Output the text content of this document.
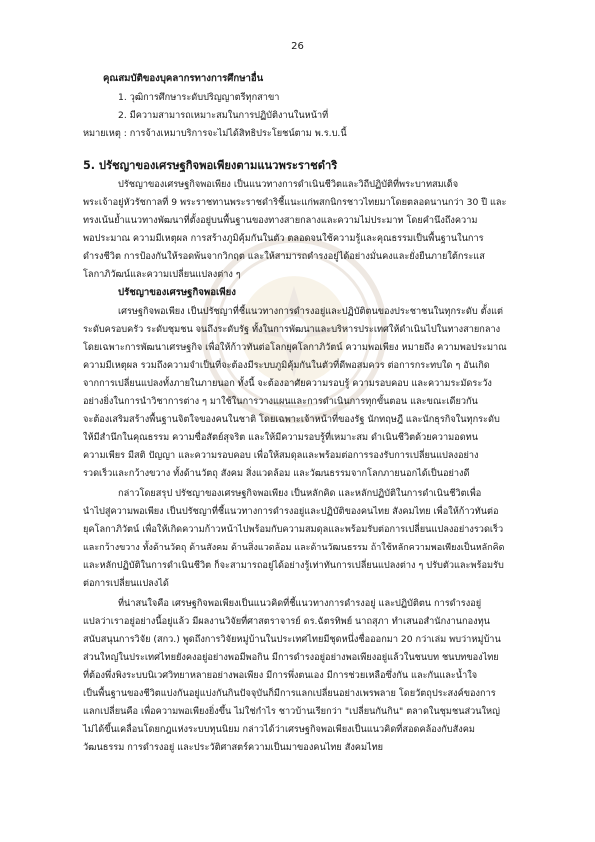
26
คุณสมบัติของบุคลากรทางการศึกษาอื่น
1. วุฒิการศึกษาระดับปริญญาตรีทุกสาขา
2. มีความสามารถเหมาะสมในการปฏิบัติงานในหน้าที่
หมายเหตุ : การจ้างเหมาบริการจะไม่ได้สิทธิประโยชน์ตาม พ.ร.บ.นี้
5. ปรัชญาของเศรษฐกิจพอเพียงตามแนวพระราชดำริ
ปรัชญาของเศรษฐกิจพอเพียง เป็นแนวทางการดำเนินชีวิตและวิถีปฏิบัติที่พระบาทสมเด็จ
พระเจ้าอยู่หัวรัชกาลที่ 9 พระราชทานพระราชดำริชี้แนะแก่พสกนิกรชาวไทยมาโดยตลอดนานกว่า 30 ปี และ
ทรงเน้นย้ำแนวทางพัฒนาที่ตั้งอยู่บนพื้นฐานของทางสายกลางและความไม่ประมาท โดยคำนึงถึงความ
พอประมาณ ความมีเหตุผล การสร้างภูมิคุ้มกันในตัว ตลอดจนใช้ความรู้และคุณธรรมเป็นพื้นฐานในการ
ดำรงชีวิต การป้องกันให้รอดพ้นจากวิกฤต และให้สามารถดำรงอยู่ได้อย่างมั่นคงและยั่งยืนภายใต้กระแส
โลกาภิวัฒน์และความเปลี่ยนแปลงต่าง ๆ
ปรัชญาของเศรษฐกิจพอเพียง
เศรษฐกิจพอเพียง เป็นปรัชญาที่ชี้แนวทางการดำรงอยู่และปฏิบัติตนของประชาชนในทุกระดับ ตั้งแต่
ระดับครอบครัว ระดับชุมชน จนถึงระดับรัฐ ทั้งในการพัฒนาและบริหารประเทศให้ดำเนินไปในทางสายกลาง
โดยเฉพาะการพัฒนาเศรษฐกิจ เพื่อให้ก้าวทันต่อโลกยุคโลกาภิวัตน์ ความพอเพียง หมายถึง ความพอประมาณ
ความมีเหตุผล รวมถึงความจำเป็นที่จะต้องมีระบบภูมิคุ้มกันในตัวที่ดีพอสมควร ต่อการกระทบใด ๆ อันเกิด
จากการเปลี่ยนแปลงทั้งภายในภายนอก ทั้งนี้ จะต้องอาศัยความรอบรู้ ความรอบคอบ และความระมัดระวัง
อย่างยิ่งในการนำวิชาการต่าง ๆ มาใช้ในการวางแผนและการดำเนินการทุกขั้นตอน และขณะเดียวกัน
จะต้องเสริมสร้างพื้นฐานจิตใจของคนในชาติ โดยเฉพาะเจ้าหน้าที่ของรัฐ นักทฤษฎี และนักธุรกิจในทุกระดับ
ให้มีสำนึกในคุณธรรม ความซื่อสัตย์สุจริต และให้มีความรอบรู้ที่เหมาะสม ดำเนินชีวิตด้วยความอดทน
ความเพียร มีสติ ปัญญา และความรอบคอบ เพื่อให้สมดุลและพร้อมต่อการรองรับการเปลี่ยนแปลงอย่าง
รวดเร็วและกว้างขวาง ทั้งด้านวัตถุ สังคม สิ่งแวดล้อม และวัฒนธรรมจากโลกภายนอกได้เป็นอย่างดี
กล่าวโดยสรุป ปรัชญาของเศรษฐกิจพอเพียง เป็นหลักคิด และหลักปฏิบัติในการดำเนินชีวิตเพื่อ
นำไปสู่ความพอเพียง เป็นปรัชญาที่ชี้แนวทางการดำรงอยู่และปฏิบัติของคนไทย สังคมไทย เพื่อให้ก้าวทันต่อ
ยุคโลกาภิวัตน์ เพื่อให้เกิดความก้าวหน้าไปพร้อมกับความสมดุลและพร้อมรับต่อการเปลี่ยนแปลงอย่างรวดเร็ว
และกว้างขวาง ทั้งด้านวัตถุ ด้านสังคม ด้านสิ่งแวดล้อม และด้านวัฒนธรรม ถ้าใช้หลักความพอเพียงเป็นหลักคิด
และหลักปฏิบัติในการดำเนินชีวิต ก็จะสามารถอยู่ได้อย่างรู้เท่าทันการเปลี่ยนแปลงต่าง ๆ ปรับตัวและพร้อมรับ
ต่อการเปลี่ยนแปลงได้
ที่น่าสนใจคือ เศรษฐกิจพอเพียงเป็นแนวคิดที่ชี้แนวทางการดำรงอยู่ และปฏิบัติตน การดำรงอยู่
แปลว่าเราอยู่อย่างนี้อยู่แล้ว มีผลงานวิจัยที่ศาสตราจารย์ ดร.ฉัตรทิพย์ นาถสุภา ทำเสนอสำนักงานกองทุน
สนับสนุนการวิจัย (สกว.) พูดถึงการวิจัยหมู่บ้านในประเทศไทยมีชุดหนึ่งชื่อออกมา 20 กว่าเล่ม พบว่าหมู่บ้าน
ส่วนใหญ่ในประเทศไทยยังคงอยู่อย่างพอมีพอกิน มีการดำรงอยู่อย่างพอเพียงอยู่แล้วในชนบท ชนบทของไทย
ที่ต้องพึ่งพิงระบบนิเวศวิทยาหลายอย่างพอเพียง มีการพึ่งตนเอง มีการช่วยเหลือซึ่งกัน และกันและน้ำใจ
เป็นพื้นฐานของชีวิตแบ่งกันอยู่แบ่งกันกินปัจจุบันก็มีการแลกเปลี่ยนอย่างเพรพลาย โดยวัตถุประสงค์ของการ
แลกเปลี่ยนคือ เพื่อความพอเพียงยิ่งขึ้น ไม่ใช่กำไร ชาวบ้านเรียกว่า "เปลี่ยนกันกิน" ตลาดในชุมชนส่วนใหญ่
ไม่ได้ขึ้นเคลื่อนโดยกฎแห่งระบบทุนนิยม กล่าวได้ว่าเศรษฐกิจพอเพียงเป็นแนวคิดที่สอดคล้องกับสังคม
วัฒนธรรม การดำรงอยู่ และประวัติศาสตร์ความเป็นมาของคนไทย สังคมไทย
